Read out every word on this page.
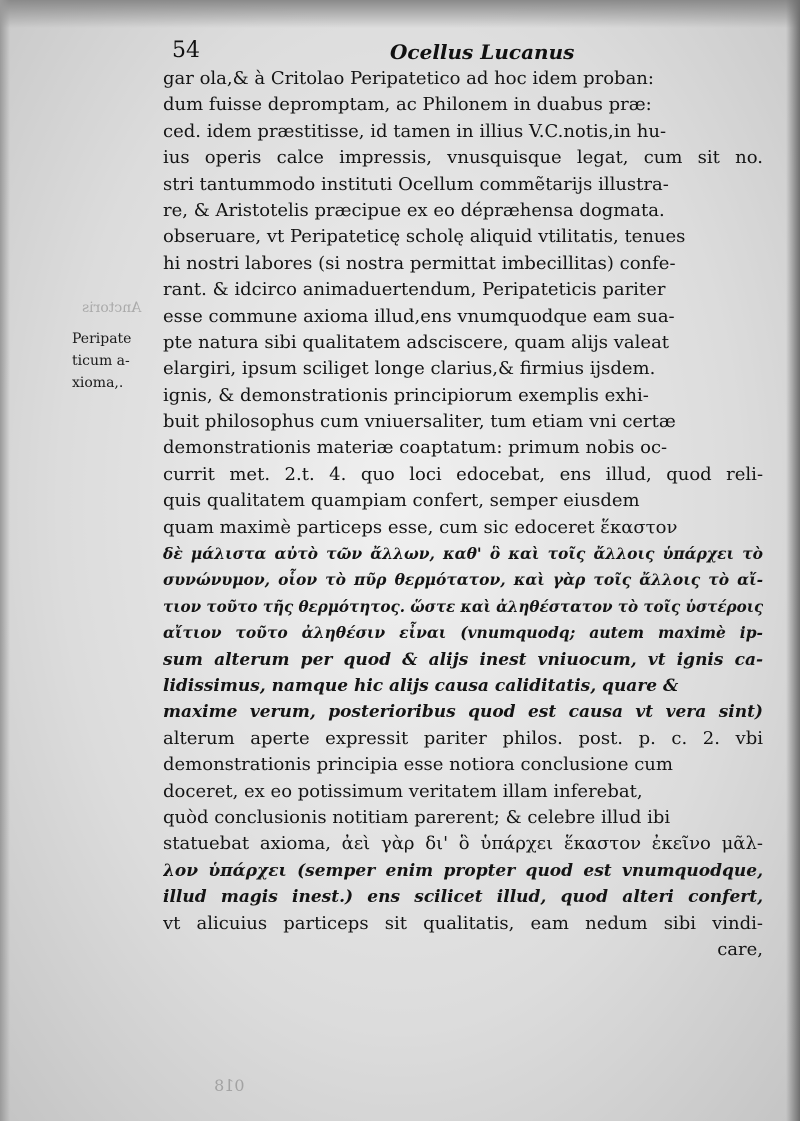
54	Ocellus Lucanus
Anctoris
Peripate
ticum a-
xioma,.
gar ola,& à Critolao Peripatetico ad hoc idem proban:
dum fuisse depromptam, ac Philonem in duabus præ:
ced. idem præstitisse, id tamen in illius V.C.notis,in hu-
ius operis calce impressis, vnusquisque legat, cum sit no.
stri tantummodo instituti Ocellum commẽtarijs illustra-
re, & Aristotelis præcipue ex eo dépræhensa dogmata.
obseruare, vt Peripateticę scholę aliquid vtilitatis, tenues
hi nostri labores (si nostra permittat imbecillitas) confe-
rant. & idcirco animaduertendum, Peripateticis pariter
esse commune axioma illud,ens vnumquodque eam sua-
pte natura sibi qualitatem adsciscere, quam alijs valeat
elargiri, ipsum sciliget longe clarius,& firmius ijsdem.
ignis, & demonstrationis principiorum exemplis exhi-
buit philosophus cum vniuersaliter, tum etiam vni certæ
demonstrationis materiæ coaptatum: primum nobis oc-
currit met. 2.t. 4. quo loci edocebat, ens illud, quod reli-
quis qualitatem quampiam confert, semper eiusdem
quam maximè particeps esse, cum sic edoceret ἕκαστον
δὲ μάλιστα αὐτὸ τῶν ἄλλων, καθ' ὃ καὶ τοῖς ἄλλοις ὑπάρχει τὸ
συνώνυμον, οἷον τὸ πῦρ θερμότατον, καὶ γὰρ τοῖς ἄλλοις τὸ αἴ-
τιον τοῦτο τῆς θερμότητος. ὥστε καὶ ἀληθέστατον τὸ τοῖς ὑστέροις
αἴτιον τοῦτο ἀληθέσιν εἶναι (vnumquodq; autem maximè ip-
sum alterum per quod & alijs inest vniuocum, vt ignis ca-
lidissimus, namque hic alijs causa caliditatis, quare &
maxime verum, posterioribus quod est causa vt vera sint)
alterum aperte expressit pariter philos. post. p. c. 2. vbi
demonstrationis principia esse notiora conclusione cum
doceret, ex eo potissimum veritatem illam inferebat,
quòd conclusionis notitiam parerent; & celebre illud ibi
statuebat axioma, ἀεὶ γὰρ δι' ὃ ὑπάρχει ἕκαστον ἐκεῖνο μᾶλ-
λον ὑπάρχει (semper enim propter quod est vnumquodque,
illud magis inest.) ens scilicet illud, quod alteri confert,
vt alicuius particeps sit qualitatis, eam nedum sibi vindi-
care,
018
